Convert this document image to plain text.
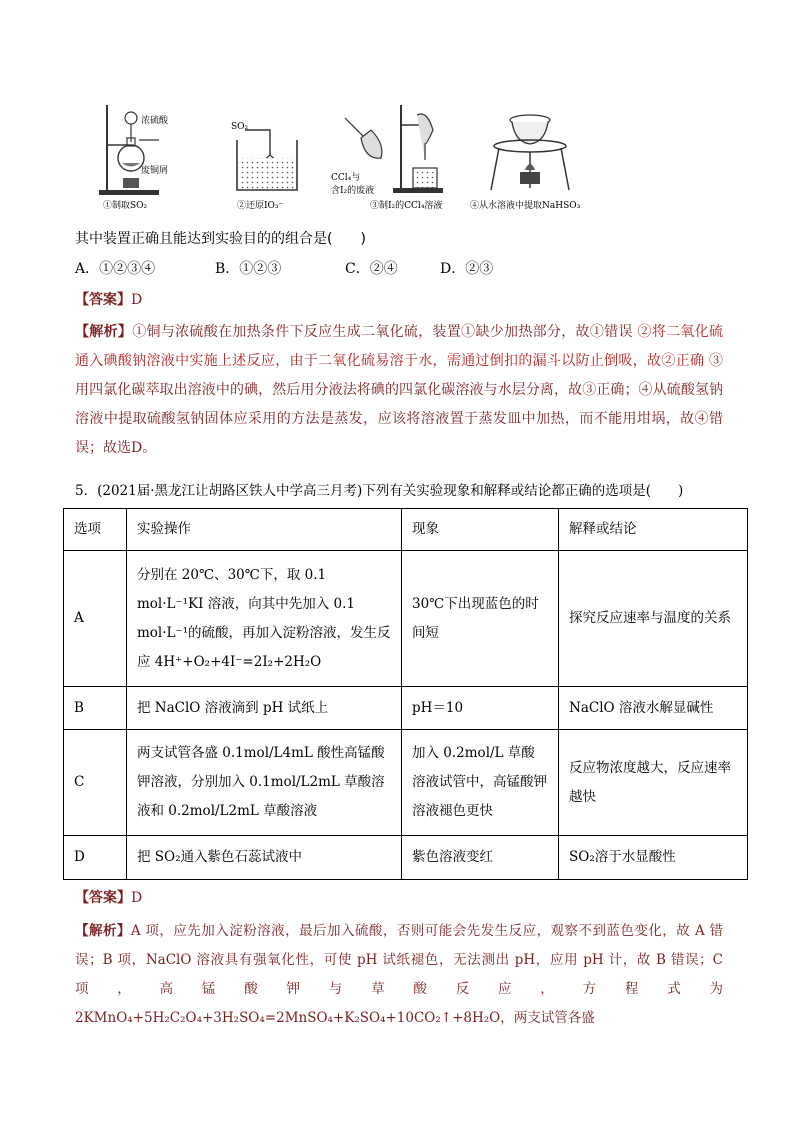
浓硫酸
废铜屑
①制取SO₂
SO₂
②还原IO₃⁻
CCl₄与
含I₂的废液
③制I₂的CCl₄溶液	④从水溶液中提取NaHSO₃
其中装置正确且能达到实验目的的组合是(　　)
A．①②③④	B．①②③	C．②④	D．②③
【答案】D
【解析】①铜与浓硫酸在加热条件下反应生成二氧化硫，装置①缺少加热部分，故①错误 ②将二氧化硫通入碘酸钠溶液中实施上述反应，由于二氧化硫易溶于水，需通过倒扣的漏斗以防止倒吸，故②正确 ③用四氯化碳萃取出溶液中的碘，然后用分液法将碘的四氯化碳溶液与水层分离，故③正确；④从硫酸氢钠溶液中提取硫酸氢钠固体应采用的方法是蒸发，应该将溶液置于蒸发皿中加热，而不能用坩埚，故④错误；故选D。
5．(2021届·黑龙江让胡路区铁人中学高三月考)下列有关实验现象和解释或结论都正确的选项是(　　)
选项	实验操作	现象	解释或结论
A	分别在 20℃、30℃下，取 0.1 mol·L⁻¹KI 溶液，向其中先加入 0.1 mol·L⁻¹的硫酸，再加入淀粉溶液，发生反应 4H⁺+O₂+4I⁻=2I₂+2H₂O	30℃下出现蓝色的时间短	探究反应速率与温度的关系
B	把 NaClO 溶液滴到 pH 试纸上	pH＝10	NaClO 溶液水解显碱性
C	两支试管各盛 0.1mol/L4mL 酸性高锰酸钾溶液，分别加入 0.1mol/L2mL 草酸溶液和 0.2mol/L2mL 草酸溶液	加入 0.2mol/L 草酸溶液试管中，高锰酸钾溶液褪色更快	反应物浓度越大，反应速率越快
D	把 SO₂通入紫色石蕊试液中	紫色溶液变红	SO₂溶于水显酸性
【答案】D
【解析】A 项，应先加入淀粉溶液，最后加入硫酸，否则可能会先发生反应，观察不到蓝色变化，故 A 错误；B 项，NaClO 溶液具有强氧化性，可使 pH 试纸褪色，无法测出 pH，应用 pH 计，故 B 错误；C 项，高锰酸钾与草酸反应，方程式为 2KMnO₄+5H₂C₂O₄+3H₂SO₄=2MnSO₄+K₂SO₄+10CO₂↑+8H₂O，两支试管各盛
